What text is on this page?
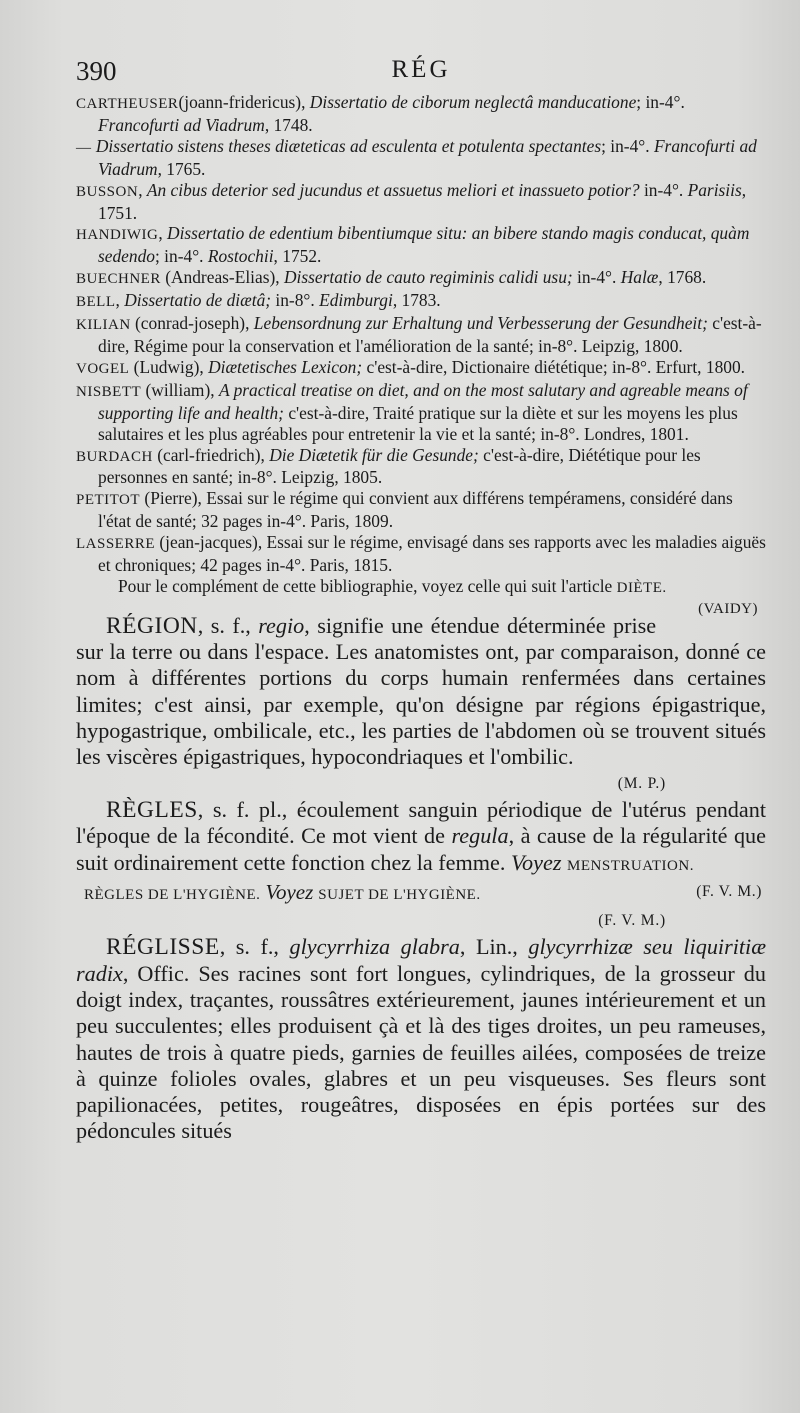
390	RÉG

CARTHEUSER(joann-fridericus), Dissertatio de ciborum neglectâ manducatione; in-4°. Francofurti ad Viadrum, 1748.

— Dissertatio sistens theses diæteticas ad esculenta et potulenta spectantes; in-4°. Francofurti ad Viadrum, 1765.

BUSSON, An cibus deterior sed jucundus et assuetus meliori et inassueto potior? in-4°. Parisiis, 1751.

HANDIWIG, Dissertatio de edentium bibentiumque situ: an bibere stando magis conducat, quàm sedendo; in-4°. Rostochii, 1752.

BUECHNER (Andreas-Elias), Dissertatio de cauto regiminis calidi usu; in-4°. Halæ, 1768.

BELL, Dissertatio de diætâ; in-8°. Edimburgi, 1783.

KILIAN (conrad-joseph), Lebensordnung zur Erhaltung und Verbesserung der Gesundheit; c'est-à-dire, Régime pour la conservation et l'amélioration de la santé; in-8°. Leipzig, 1800.

VOGEL (Ludwig), Diætetisches Lexicon; c'est-à-dire, Dictionaire diététique; in-8°. Erfurt, 1800.

NISBETT (william), A practical treatise on diet, and on the most salutary and agreable means of supporting life and health; c'est-à-dire, Traité pratique sur la diète et sur les moyens les plus salutaires et les plus agréables pour entretenir la vie et la santé; in-8°. Londres, 1801.

BURDACH (carl-friedrich), Die Diætetik für die Gesunde; c'est-à-dire, Diététique pour les personnes en santé; in-8°. Leipzig, 1805.

PETITOT (Pierre), Essai sur le régime qui convient aux différens tempéramens, considéré dans l'état de santé; 32 pages in-4°. Paris, 1809.

LASSERRE (jean-jacques), Essai sur le régime, envisagé dans ses rapports avec les maladies aiguës et chroniques; 42 pages in-4°. Paris, 1815.

Pour le complément de cette bibliographie, voyez celle qui suit l'article DIÈTE.
(VAIDY)

RÉGION, s. f., regio, signifie une étendue déterminée prise sur la terre ou dans l'espace. Les anatomistes ont, par comparaison, donné ce nom à différentes portions du corps humain renfermées dans certaines limites; c'est ainsi, par exemple, qu'on désigne par régions épigastrique, hypogastrique, ombilicale, etc., les parties de l'abdomen où se trouvent situés les viscères épigastriques, hypocondriaques et l'ombilic.

(M. P.)

RÈGLES, s. f. pl., écoulement sanguin périodique de l'utérus pendant l'époque de la fécondité. Ce mot vient de regula, à cause de la régularité que suit ordinairement cette fonction chez la femme. Voyez MENSTRUATION.
(F. V. M.)

RÈGLES DE L'HYGIÈNE. Voyez SUJET DE L'HYGIÈNE.

(F. V. M.)

RÉGLISSE, s. f., glycyrrhiza glabra, Lin., glycyrrhizæ seu liquiritiæ radix, Offic. Ses racines sont fort longues, cylindriques, de la grosseur du doigt index, traçantes, roussâtres extérieurement, jaunes intérieurement et un peu succulentes; elles produisent çà et là des tiges droites, un peu rameuses, hautes de trois à quatre pieds, garnies de feuilles ailées, composées de treize à quinze folioles ovales, glabres et un peu visqueuses. Ses fleurs sont papilionacées, petites, rougeâtres, disposées en épis portées sur des pédoncules situés
